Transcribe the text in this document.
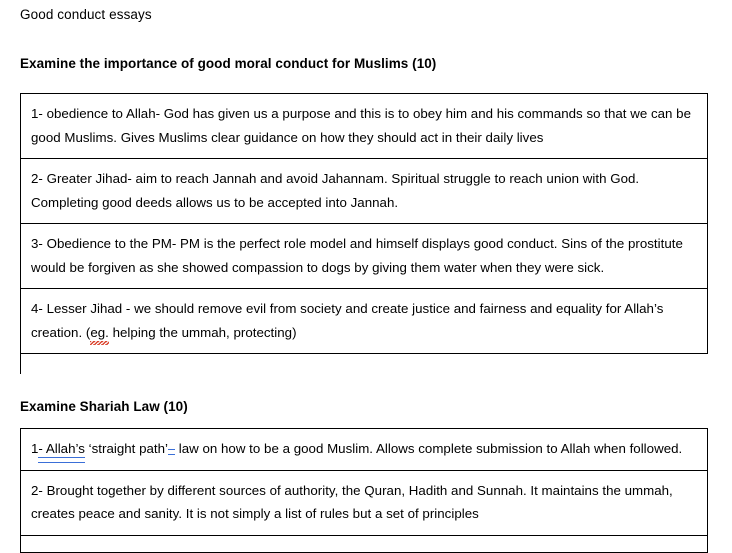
Good conduct essays
Examine the importance of good moral conduct for Muslims (10)
1- obedience to Allah- God has given us a purpose and this is to obey him and his commands so that we can be good Muslims. Gives Muslims clear guidance on how they should act in their daily lives
2- Greater Jihad- aim to reach Jannah and avoid Jahannam. Spiritual struggle to reach union with God. Completing good deeds allows us to be accepted into Jannah.
3- Obedience to the PM- PM is the perfect role model and himself displays good conduct. Sins of the prostitute would be forgiven as she showed compassion to dogs by giving them water when they were sick.
4- Lesser Jihad - we should remove evil from society and create justice and fairness and equality for Allah’s creation. (eg. helping the ummah, protecting)

Examine Shariah Law (10)
1- Allah’s ‘straight path’ law on how to be a good Muslim. Allows complete submission to Allah when followed.
2- Brought together by different sources of authority, the Quran, Hadith and Sunnah. It maintains the ummah, creates peace and sanity. It is not simply a list of rules but a set of principles
